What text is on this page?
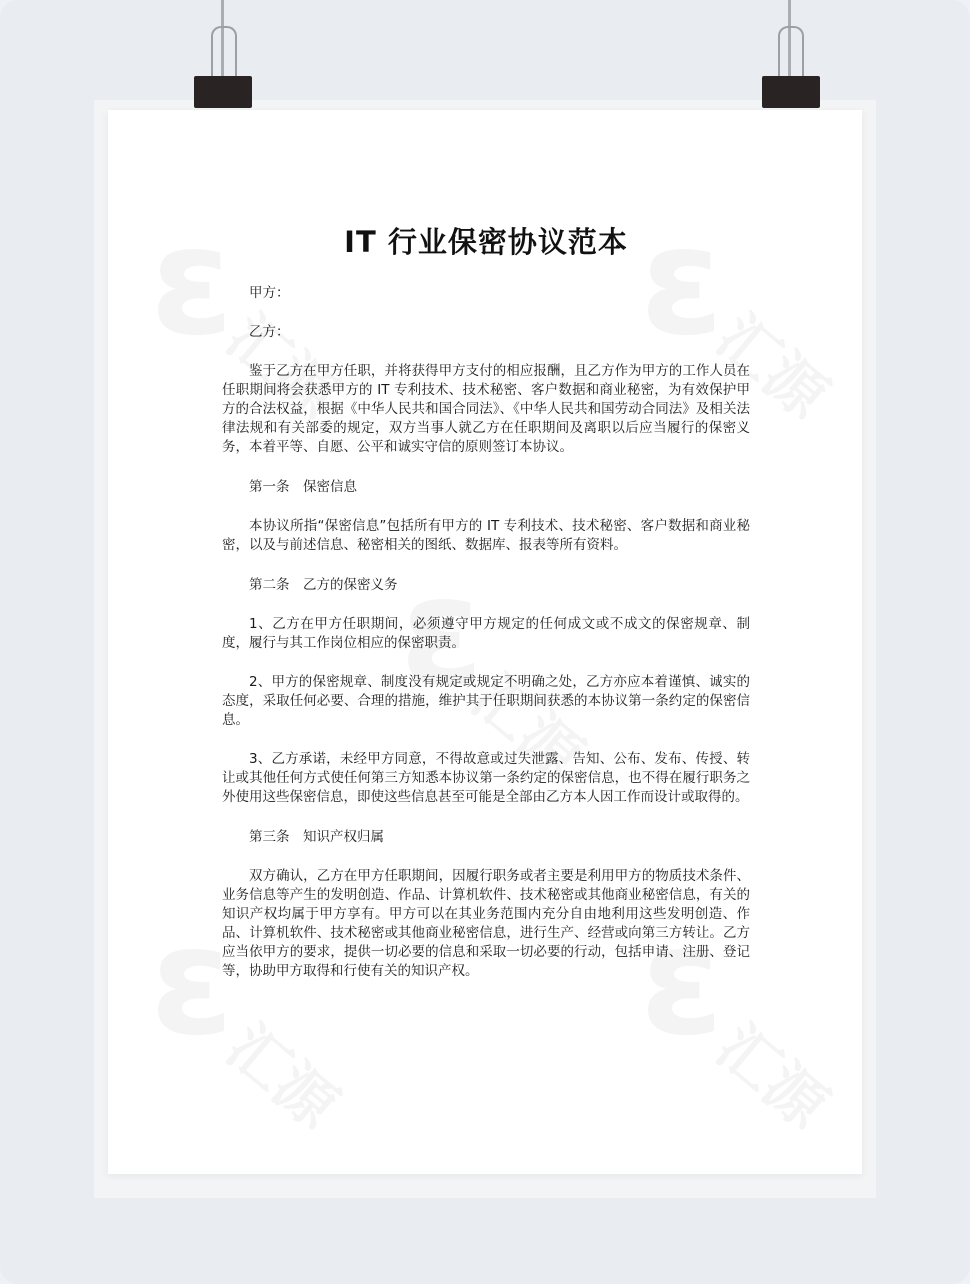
IT 行业保密协议范本

甲方：

乙方：

鉴于乙方在甲方任职，并将获得甲方支付的相应报酬，且乙方作为甲方的工作人员在任职期间将会获悉甲方的 IT 专利技术、技术秘密、客户数据和商业秘密，为有效保护甲方的合法权益，根据《中华人民共和国合同法》、《中华人民共和国劳动合同法》及相关法律法规和有关部委的规定，双方当事人就乙方在任职期间及离职以后应当履行的保密义务，本着平等、自愿、公平和诚实守信的原则签订本协议。

第一条　保密信息

本协议所指“保密信息”包括所有甲方的 IT 专利技术、技术秘密、客户数据和商业秘密，以及与前述信息、秘密相关的图纸、数据库、报表等所有资料。

第二条　乙方的保密义务

1、乙方在甲方任职期间，必须遵守甲方规定的任何成文或不成文的保密规章、制度，履行与其工作岗位相应的保密职责。

2、甲方的保密规章、制度没有规定或规定不明确之处，乙方亦应本着谨慎、诚实的态度，采取任何必要、合理的措施，维护其于任职期间获悉的本协议第一条约定的保密信息。

3、乙方承诺，未经甲方同意，不得故意或过失泄露、告知、公布、发布、传授、转让或其他任何方式使任何第三方知悉本协议第一条约定的保密信息，也不得在履行职务之外使用这些保密信息，即使这些信息甚至可能是全部由乙方本人因工作而设计或取得的。

第三条　知识产权归属

双方确认，乙方在甲方任职期间，因履行职务或者主要是利用甲方的物质技术条件、业务信息等产生的发明创造、作品、计算机软件、技术秘密或其他商业秘密信息，有关的知识产权均属于甲方享有。甲方可以在其业务范围内充分自由地利用这些发明创造、作品、计算机软件、技术秘密或其他商业秘密信息，进行生产、经营或向第三方转让。乙方应当依甲方的要求，提供一切必要的信息和采取一切必要的行动，包括申请、注册、登记等，协助甲方取得和行使有关的知识产权。
